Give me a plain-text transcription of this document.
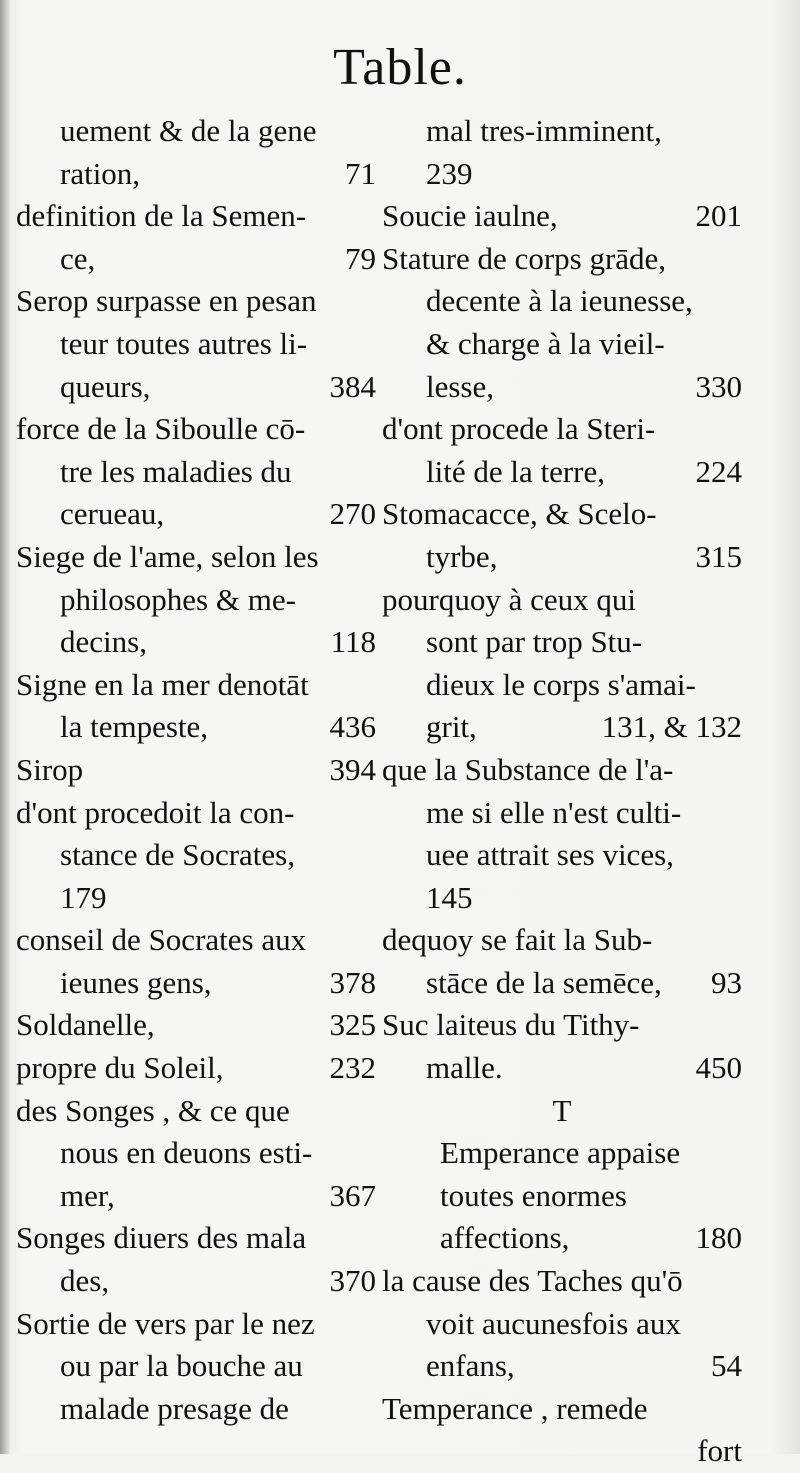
Table.
uement & de la gene
ration,	71
definition de la Semen-
ce,	79
Serop surpasse en pesan
teur toutes autres li-
queurs,	384
force de la Siboulle cō-
tre les maladies du
cerueau,	270
Siege de l'ame, selon les
philosophes & me-
decins,	118
Signe en la mer denotāt
la tempeste,	436
Sirop	394
d'ont procedoit la con-
stance de Socrates,
179
conseil de Socrates aux
ieunes gens,	378
Soldanelle,	325
propre du Soleil,	232
des Songes , & ce que
nous en deuons esti-
mer,	367
Songes diuers des mala
des,	370
Sortie de vers par le nez
ou par la bouche au
malade presage de
mal tres-imminent,
239
Soucie iaulne,	201
Stature de corps grāde,
decente à la ieunesse,
& charge à la vieil-
lesse,	330
d'ont procede la Steri-
lité de la terre,	224
Stomacacce, & Scelo-
tyrbe,	315
pourquoy à ceux qui
sont par trop Stu-
dieux le corps s'amai-
grit,	131, & 132
que la Substance de l'a-
me si elle n'est culti-
uee attrait ses vices,
145
dequoy se fait la Sub-
stāce de la semēce, 93
Suc laiteus du Tithy-
malle.	450
T
Emperance appaise
toutes enormes
affections,	180
la cause des Taches qu'ō
voit aucunesfois aux
enfans,	54
Temperance , remede
fort
